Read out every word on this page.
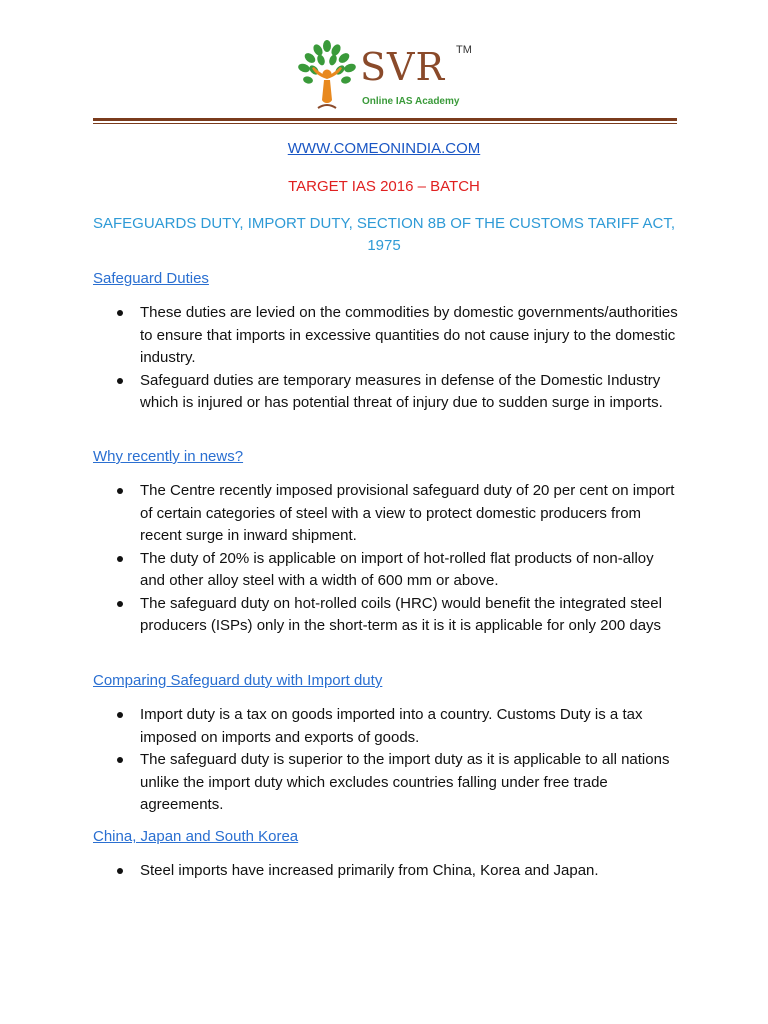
SVR TM
Online IAS Academy
WWW.COMEONINDIA.COM
TARGET IAS 2016 – BATCH
SAFEGUARDS DUTY, IMPORT DUTY, SECTION 8B OF THE CUSTOMS TARIFF ACT, 1975
Safeguard Duties
These duties are levied on the commodities by domestic governments/authorities to ensure that imports in excessive quantities do not cause injury to the domestic industry.
Safeguard duties are temporary measures in defense of the Domestic Industry which is injured or has potential threat of injury due to sudden surge in imports.
Why recently in news?
The Centre recently imposed provisional safeguard duty of 20 per cent on import of certain categories of steel with a view to protect domestic producers from recent surge in inward shipment.
The duty of 20% is applicable on import of hot-rolled flat products of non-alloy and other alloy steel with a width of 600 mm or above.
The safeguard duty on hot-rolled coils (HRC) would benefit the integrated steel producers (ISPs) only in the short-term as it is it is applicable for only 200 days
Comparing Safeguard duty with Import duty
Import duty is a tax on goods imported into a country. Customs Duty is a tax imposed on imports and exports of goods.
The safeguard duty is superior to the import duty as it is applicable to all nations unlike the import duty which excludes countries falling under free trade agreements.
China, Japan and South Korea
Steel imports have increased primarily from China, Korea and Japan.
